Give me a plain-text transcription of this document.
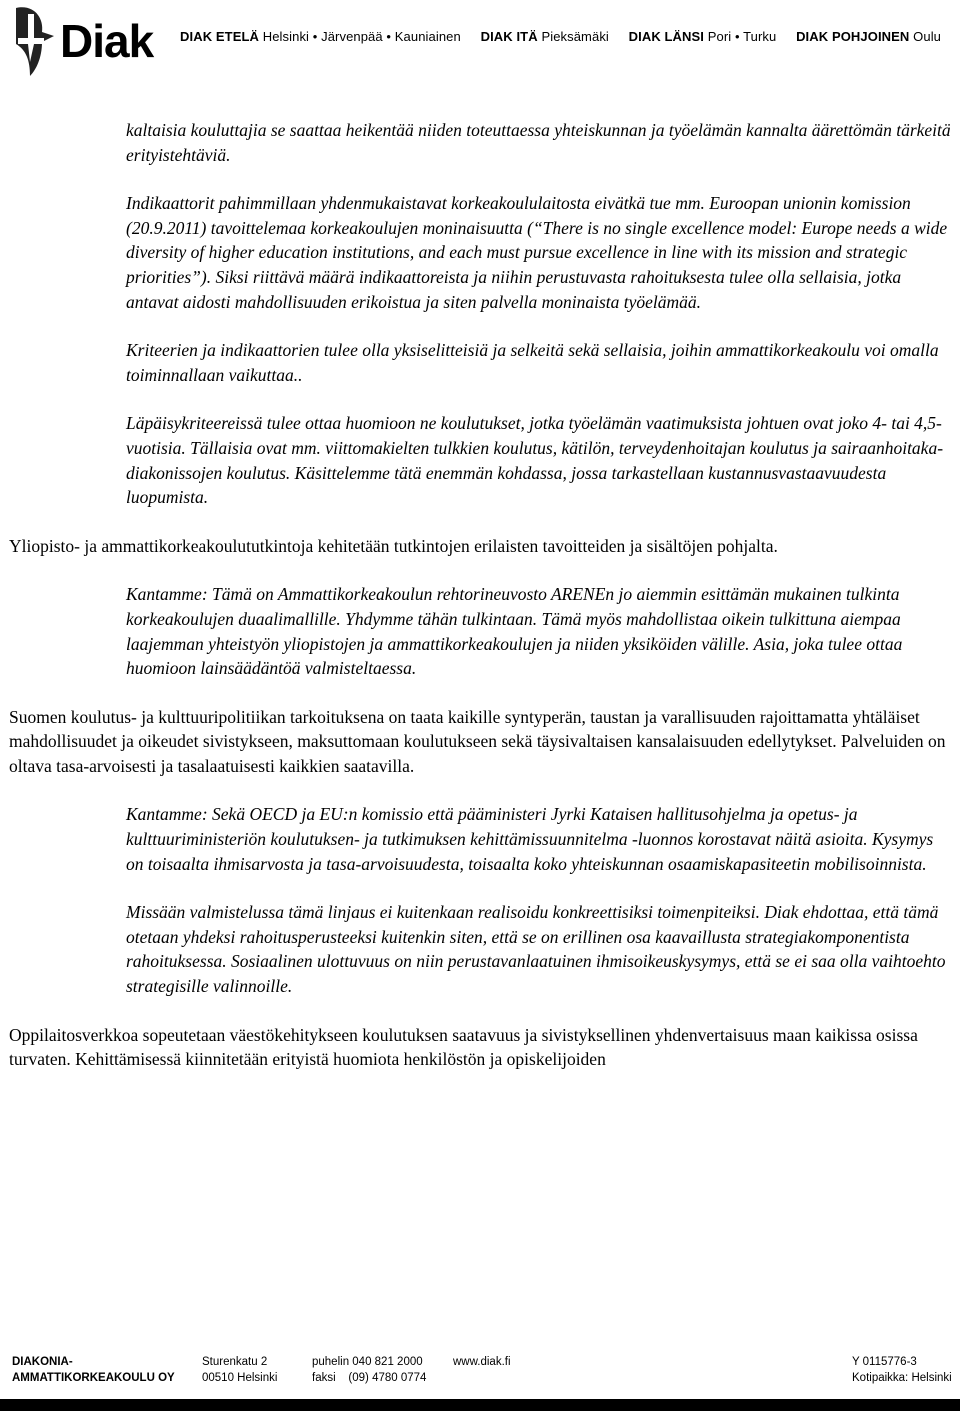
Diak DIAK ETELÄ Helsinki • Järvenpää • Kauniainen DIAK ITÄ Pieksämäki DIAK LÄNSI Pori • Turku DIAK POHJOINEN Oulu

kaltaisia kouluttajia se saattaa heikentää niiden toteuttaessa yhteiskunnan ja työelämän kannalta äärettömän tärkeitä erityistehtäviä.

Indikaattorit pahimmillaan yhdenmukaistavat korkeakoululaitosta eivätkä tue mm. Euroopan unionin komission (20.9.2011) tavoittelemaa korkeakoulujen moninaisuutta (“There is no single excellence model: Europe needs a wide diversity of higher education institutions, and each must pursue excellence in line with its mission and strategic priorities”). Siksi riittävä määrä indikaattoreista ja niihin perustuvasta rahoituksesta tulee olla sellaisia, jotka antavat aidosti mahdollisuuden erikoistua ja siten palvella moninaista työelämää.

Kriteerien ja indikaattorien tulee olla yksiselitteisiä ja selkeitä sekä sellaisia, joihin ammattikorkeakoulu voi omalla toiminnallaan vaikuttaa..

Läpäisykriteereissä tulee ottaa huomioon ne koulutukset, jotka työelämän vaatimuksista johtuen ovat joko 4- tai 4,5-vuotisia. Tällaisia ovat mm. viittomakielten tulkkien koulutus, kätilön, terveydenhoitajan koulutus ja sairaanhoitaka-diakonissojen koulutus. Käsittelemme tätä enemmän kohdassa, jossa tarkastellaan kustannusvastaavuudesta luopumista.

Yliopisto- ja ammattikorkeakoulututkintoja kehitetään tutkintojen erilaisten tavoitteiden ja sisältöjen pohjalta.

Kantamme: Tämä on Ammattikorkeakoulun rehtorineuvosto ARENEn jo aiemmin esittämän mukainen tulkinta korkeakoulujen duaalimallille. Yhdymme tähän tulkintaan. Tämä myös mahdollistaa oikein tulkittuna aiempaa laajemman yhteistyön yliopistojen ja ammattikorkeakoulujen ja niiden yksiköiden välille. Asia, joka tulee ottaa huomioon lainsäädäntöä valmisteltaessa.

Suomen koulutus- ja kulttuuripolitiikan tarkoituksena on taata kaikille syntyperän, taustan ja varallisuuden rajoittamatta yhtäläiset mahdollisuudet ja oikeudet sivistykseen, maksuttomaan koulutukseen sekä täysivaltaisen kansalaisuuden edellytykset. Palveluiden on oltava tasa-arvoisesti ja tasalaatuisesti kaikkien saatavilla.

Kantamme: Sekä OECD ja EU:n komissio että pääministeri Jyrki Kataisen hallitusohjelma ja opetus- ja kulttuuriministeriön koulutuksen- ja tutkimuksen kehittämissuunnitelma -luonnos korostavat näitä asioita. Kysymys on toisaalta ihmisarvosta ja tasa-arvoisuudesta, toisaalta koko yhteiskunnan osaamiskapasiteetin mobilisoinnista.

Missään valmistelussa tämä linjaus ei kuitenkaan realisoidu konkreettisiksi toimenpiteiksi. Diak ehdottaa, että tämä otetaan yhdeksi rahoitusperusteeksi kuitenkin siten, että se on erillinen osa kaavaillusta strategiakomponentista rahoituksessa. Sosiaalinen ulottuvuus on niin perustavanlaatuinen ihmisoikeuskysymys, että se ei saa olla vaihtoehto strategisille valinnoille.

Oppilaitosverkkoa sopeutetaan väestökehitykseen koulutuksen saatavuus ja sivistyksellinen yhdenvertaisuus maan kaikissa osissa turvaten. Kehittämisessä kiinnitetään erityistä huomiota henkilöstön ja opiskelijoiden

DIAKONIA-
AMMATTIKORKEAKOULU OY
Sturenkatu 2
00510 Helsinki
puhelin 040 821 2000
faksi    (09) 4780 0774
www.diak.fi	Y 0115776-3
Kotipaikka: Helsinki
